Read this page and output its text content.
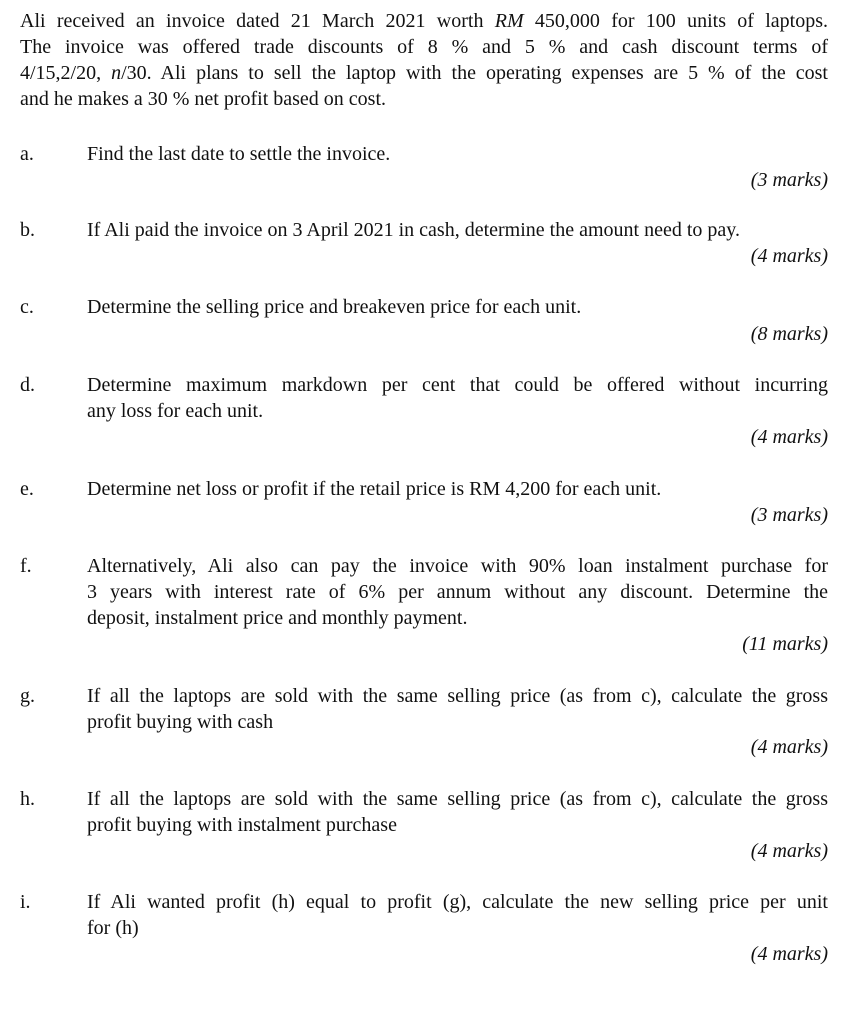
Ali received an invoice dated 21 March 2021 worth RM 450,000 for 100 units of laptops.
The invoice was offered trade discounts of 8 % and 5 % and cash discount terms of
4/15,2/20, n/30. Ali plans to sell the laptop with the operating expenses are 5 % of the cost
and he makes a 30 % net profit based on cost.

a.	Find the last date to settle the invoice.
(3 marks)
b.	If Ali paid the invoice on 3 April 2021 in cash, determine the amount need to pay.
(4 marks)
c.	Determine the selling price and breakeven price for each unit.
(8 marks)
d.	Determine maximum markdown per cent that could be offered without incurring
any loss for each unit.
(4 marks)
e.	Determine net loss or profit if the retail price is RM 4,200 for each unit.
(3 marks)
f.	Alternatively, Ali also can pay the invoice with 90% loan instalment purchase for
3 years with interest rate of 6% per annum without any discount. Determine the
deposit, instalment price and monthly payment.
(11 marks)
g.	If all the laptops are sold with the same selling price (as from c), calculate the gross
profit buying with cash
(4 marks)
h.	If all the laptops are sold with the same selling price (as from c), calculate the gross
profit buying with instalment purchase
(4 marks)
i.	If Ali wanted profit (h) equal to profit (g), calculate the new selling price per unit
for (h)
(4 marks)
